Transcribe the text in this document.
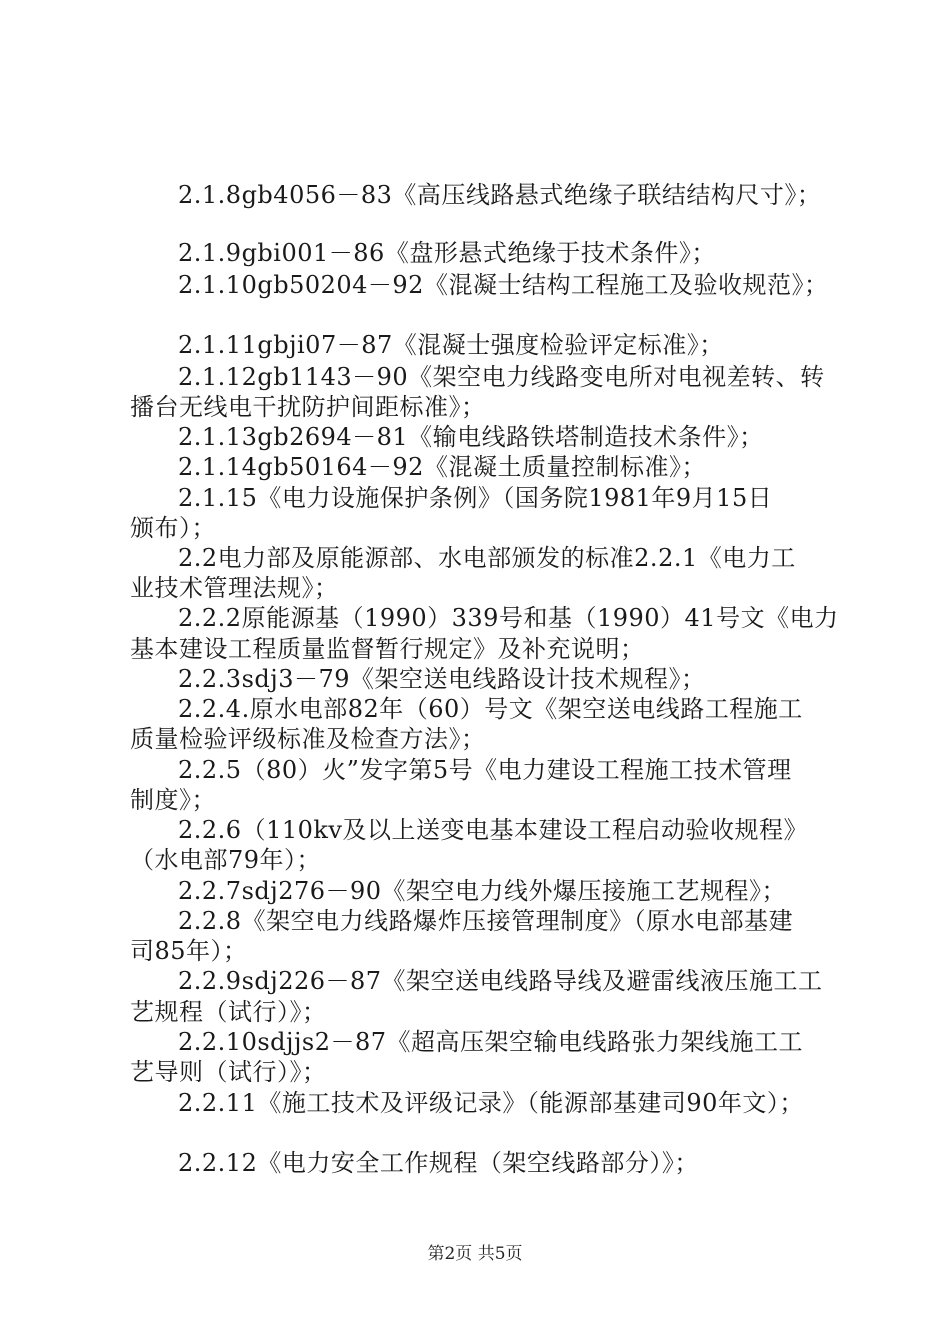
2.1.8gb4056－83《高压线路悬式绝缘子联结结构尺寸》；
2.1.9gbi001－86《盘形悬式绝缘于技术条件》；
2.1.10gb50204－92《混凝士结构工程施工及验收规范》；
2.1.11gbji07－87《混凝士强度检验评定标准》；
2.1.12gb1143－90《架空电力线路变电所对电视差转、转
播台无线电干扰防护间距标准》；
2.1.13gb2694－81《输电线路铁塔制造技术条件》；
2.1.14gb50164－92《混凝土质量控制标准》；
2.1.15《电力设施保护条例》（国务院1981年9月15日
颁布）；
2.2电力部及原能源部、水电部颁发的标准2.2.1《电力工
业技术管理法规》；
2.2.2原能源基（1990）339号和基（1990）41号文《电力
基本建设工程质量监督暂行规定》及补充说明；
2.2.3sdj3－79《架空送电线路设计技术规程》；
2.2.4.原水电部82年（60）号文《架空送电线路工程施工
质量检验评级标准及检查方法》；
2.2.5（80）火”发字第5号《电力建设工程施工技术管理
制度》；
2.2.6（110kv及以上送变电基本建设工程启动验收规程》
（水电部79年）；
2.2.7sdj276－90《架空电力线外爆压接施工艺规程》；
2.2.8《架空电力线路爆炸压接管理制度》（原水电部基建
司85年）；
2.2.9sdj226－87《架空送电线路导线及避雷线液压施工工
艺规程（试行）》；
2.2.10sdjjs2－87《超高压架空输电线路张力架线施工工
艺导则（试行）》；
2.2.11《施工技术及评级记录》（能源部基建司90年文）；
2.2.12《电力安全工作规程（架空线路部分）》；
第2页 共5页
